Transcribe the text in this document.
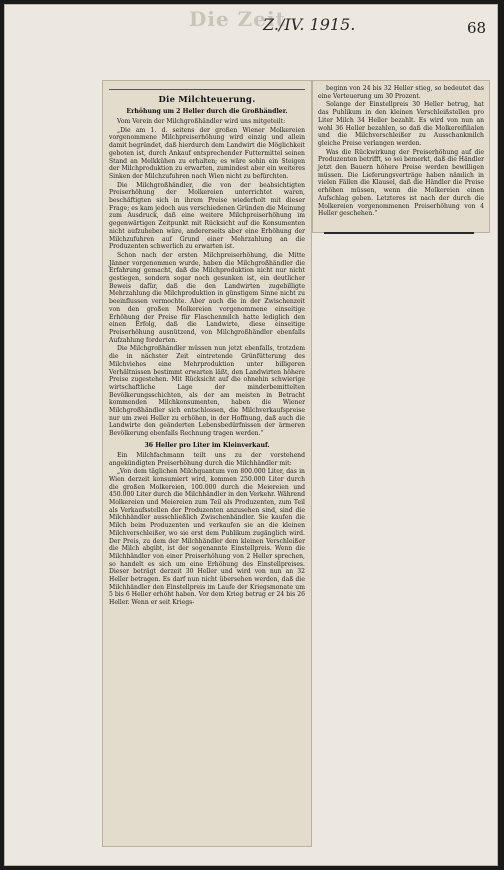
Die Zeit
Z./IV. 1915.	68
Die Milchteuerung.
Erhöhung um 2 Heller durch die Großhändler.

Vom Verein der Milchgroßhändler wird uns mitgeteilt:

„Die am 1. d. seitens der großen Wiener Molkereien vorgenommene Milchpreiserhöhung wird einzig und allein damit begründet, daß hierdurch dem Landwirt die Möglichkeit geboten ist, durch Ankauf entsprechender Futtermittel seinen Stand an Melkkühen zu erhalten; es wäre sohin ein Steigen der Milchproduktion zu erwarten, zumindest aber ein weiteres Sinken der Milchzufuhren nach Wien nicht zu befürchten.

Die Milchgroßhändler, die von der beabsichtigten Preiserhöhung der Molkereien unterrichtet waren, beschäftigten sich in ihrem Preise wiederholt mit dieser Frage; es kam jedoch aus verschiedenen Gründen die Meinung zum Ausdruck, daß eine weitere Milchpreiserhöhung im gegenwärtigen Zeitpunkt mit Rücksicht auf die Konsumenten nicht aufzuheben wäre, andererseits aber eine Erhöhung der Milchzufuhren auf Grund einer Mehrzahlung an die Produzenten schwerlich zu erwarten ist.

Schon nach der ersten Milchpreiserhöhung, die Mitte Jänner vorgenommen wurde, haben die Milchgroßhändler die Erfahrung gemacht, daß die Milchproduktion nicht nur nicht gestiegen, sondern sogar noch gesunken ist, ein deutlicher Beweis dafür, daß die den Landwirten zugebilligte Mehrzahlung die Milchproduktion in günstigem Sinne nicht zu beeinflussen vermochte. Aber auch die in der Zwischenzeit von den großen Molkereien vorgenommene einseitige Erhöhung der Preise für Flaschenmilch hatte lediglich den einen Erfolg, daß die Landwirte, diese einseitige Preiserhöhung ausnützend, von Milchgroßhändler ebenfalls Aufzahlung forderten.

Die Milchgroßhändler müssen nun jetzt ebenfalls, trotzdem die in nächster Zeit eintretende Grünfütterung des Milchviehes eine Mehrproduktion unter billigeren Verhältnissen bestimmt erwarten läßt, den Landwirten höhere Preise zugestehen. Mit Rücksicht auf die ohnehin schwierige wirtschaftliche Lage der minderbemittelten Bevölkerungsschichten, als der am meisten in Betracht kommenden Milchkonsumenten, haben die Wiener Milchgroßhändler sich entschlossen, die Milchverkaufspreise nur um zwei Heller zu erhöhen, in der Hoffnung, daß auch die Landwirte den geänderten Lebensbedürfnissen der ärmeren Bevölkerung ebenfalls Rechnung tragen werden.“

36 Heller pro Liter im Kleinverkauf.

Ein Milchfachmann teilt uns zu der vorstehend angekündigten Preiserhöhung durch die Milchhändler mit:

„Von dem täglichen Milchquantum von 800.000 Liter, das in Wien derzeit konsumiert wird, kommen 250.000 Liter durch die großen Molkereien, 100.000 durch die Meiereien und 450.000 Liter durch die Milchhändler in den Verkehr. Während Molkereien und Meiereien zum Teil als Produzenten, zum Teil als Verkaufsstellen der Produzenten anzusehen sind, sind die Milchhändler ausschließlich Zwischenhändler. Sie kaufen die Milch beim Produzenten und verkaufen sie an die kleinen Milchverschleißer, wo sie erst dem Publikum zugänglich wird. Der Preis, zu dem der Milchhändler dem kleinen Verschleißer die Milch abgibt, ist der sogenannte Einstellpreis. Wenn die Milchhändler von einer Preiserhöhung von 2 Heller sprechen, so handelt es sich um eine Erhöhung des Einstellpreises. Dieser beträgt derzeit 30 Heller und wird von nun an 32 Heller betragen. Es darf nun nicht übersehen werden, daß die Milchhändler den Einstellpreis im Laufe der Kriegsmonate um 5 bis 6 Heller erhöht haben. Vor dem Krieg betrug er 24 bis 26 Heller. Wenn er seit Kriegs-

beginn von 24 bis 32 Heller stieg, so bedeutet das eine Verteuerung um 30 Prozent.

Solange der Einstellpreis 30 Heller betrug, hat das Publikum in den kleinen Verschleißstellen pro Liter Milch 34 Heller bezahlt. Es wird von nun an wohl 36 Heller bezahlen, so daß die Molkereifilialen und die Milchverschleißer zu Ausschankmilch gleiche Preise verlangen werden.

Was die Rückwirkung der Preiserhöhung auf die Produzenten betrifft, so sei bemerkt, daß die Händler jetzt den Bauern höhere Preise werden bewilligen müssen. Die Lieferungsverträge haben nämlich in vielen Fällen die Klausel, daß die Händler die Preise erhöhen müssen, wenn die Molkereien einen Aufschlag geben. Letzteres ist nach der durch die Molkereien vorgenommenen Preiserhöhung von 4 Heller geschehen.“
